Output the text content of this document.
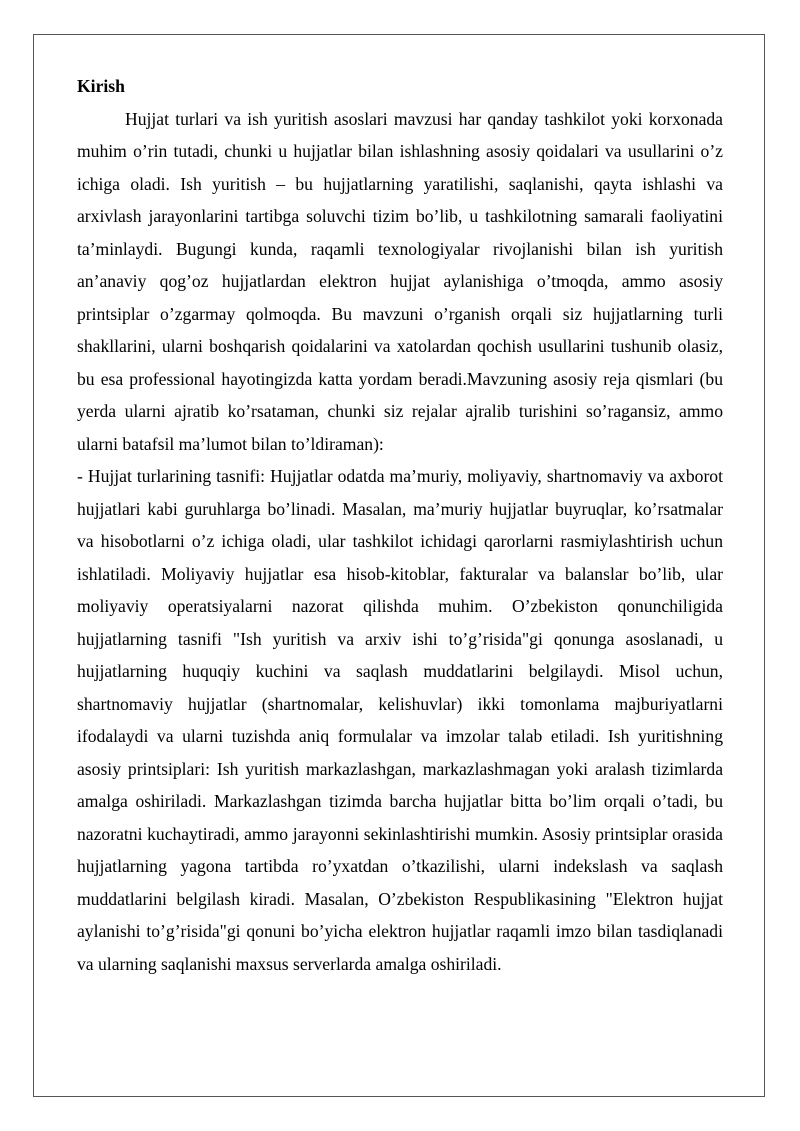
Kirish

Hujjat turlari va ish yuritish asoslari mavzusi har qanday tashkilot yoki korxonada muhim o’rin tutadi, chunki u hujjatlar bilan ishlashning asosiy qoidalari va usullarini o’z ichiga oladi. Ish yuritish – bu hujjatlarning yaratilishi, saqlanishi, qayta ishlashi va arxivlash jarayonlarini tartibga soluvchi tizim bo’lib, u tashkilotning samarali faoliyatini ta’minlaydi. Bugungi kunda, raqamli texnologiyalar rivojlanishi bilan ish yuritish an’anaviy qog’oz hujjatlardan elektron hujjat aylanishiga o’tmoqda, ammo asosiy printsiplar o’zgarmay qolmoqda. Bu mavzuni o’rganish orqali siz hujjatlarning turli shakllarini, ularni boshqarish qoidalarini va xatolardan qochish usullarini tushunib olasiz, bu esa professional hayotingizda katta yordam beradi.Mavzuning asosiy reja qismlari (bu yerda ularni ajratib ko’rsataman, chunki siz rejalar ajralib turishini so’ragansiz, ammo ularni batafsil ma’lumot bilan to’ldiraman):

- Hujjat turlarining tasnifi: Hujjatlar odatda ma’muriy, moliyaviy, shartnomaviy va axborot hujjatlari kabi guruhlarga bo’linadi. Masalan, ma’muriy hujjatlar buyruqlar, ko’rsatmalar va hisobotlarni o’z ichiga oladi, ular tashkilot ichidagi qarorlarni rasmiylashtirish uchun ishlatiladi. Moliyaviy hujjatlar esa hisob-kitoblar, fakturalar va balanslar bo’lib, ular moliyaviy operatsiyalarni nazorat qilishda muhim. O’zbekiston qonunchiligida hujjatlarning tasnifi "Ish yuritish va arxiv ishi to’g’risida"gi qonunga asoslanadi, u hujjatlarning huquqiy kuchini va saqlash muddatlarini belgilaydi. Misol uchun, shartnomaviy hujjatlar (shartnomalar, kelishuvlar) ikki tomonlama majburiyatlarni ifodalaydi va ularni tuzishda aniq formulalar va imzolar talab etiladi. Ish yuritishning asosiy printsiplari: Ish yuritish markazlashgan, markazlashmagan yoki aralash tizimlarda amalga oshiriladi. Markazlashgan tizimda barcha hujjatlar bitta bo’lim orqali o’tadi, bu nazoratni kuchaytiradi, ammo jarayonni sekinlashtirishi mumkin. Asosiy printsiplar orasida hujjatlarning yagona tartibda ro’yxatdan o’tkazilishi, ularni indekslash va saqlash muddatlarini belgilash kiradi. Masalan, O’zbekiston Respublikasining "Elektron hujjat aylanishi to’g’risida"gi qonuni bo’yicha elektron hujjatlar raqamli imzo bilan tasdiqlanadi va ularning saqlanishi maxsus serverlarda amalga oshiriladi.
